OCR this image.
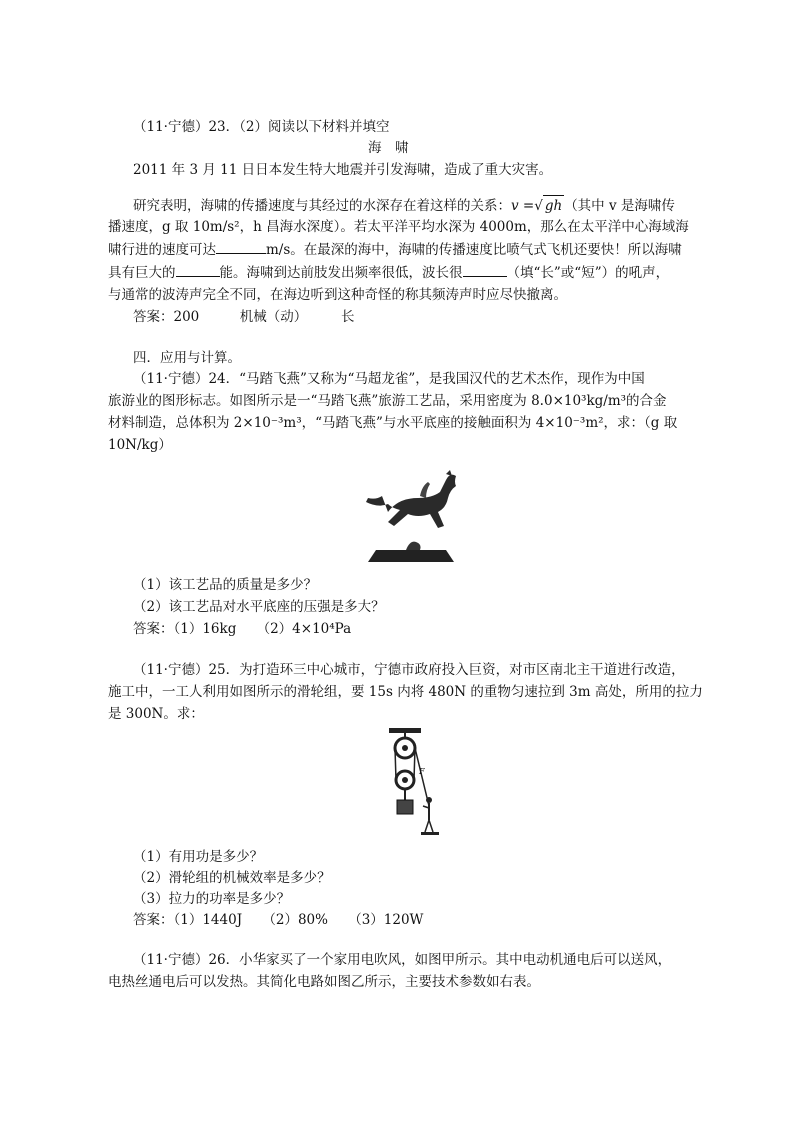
（11·宁德）23．（2）阅读以下材料并填空
海　啸
2011 年 3 月 11 日日本发生特大地震并引发海啸，造成了重大灾害。
研究表明，海啸的传播速度与其经过的水深存在着这样的关系：v =√ gh （其中 v 是海啸传
播速度，g 取 10m/s²，h 昌海水深度）。若太平洋平均水深为 4000m，那么在太平洋中心海域海
啸行进的速度可达	m/s。在最深的海中，海啸的传播速度比喷气式飞机还要快！所以海啸
具有巨大的	能。海啸到达前肢发出频率很低，波长很	（填“长”或“短”）的吼声，
与通常的波涛声完全不同，在海边听到这种奇怪的称其频涛声时应尽快撤离。
答案：200　　　机械（动）　　　长
四．应用与计算。
（11·宁德）24．“马踏飞燕”又称为“马超龙雀”，是我国汉代的艺术杰作，现作为中国
旅游业的图形标志。如图所示是一“马踏飞燕”旅游工艺品，采用密度为 8.0×10³kg/m³的合金
材料制造，总体积为 2×10⁻³m³，“马踏飞燕”与水平底座的接触面积为 4×10⁻³m²，求：（g 取
10N/kg）
（1）该工艺品的质量是多少？
（2）该工艺品对水平底座的压强是多大？
答案：（1）16kg　　（2）4×10⁴Pa
（11·宁德）25．为打造环三中心城市，宁德市政府投入巨资，对市区南北主干道进行改造，
施工中，一工人利用如图所示的滑轮组，要 15s 内将 480N 的重物匀速拉到 3m 高处，所用的拉力
是 300N。求：
F
（1）有用功是多少？
（2）滑轮组的机械效率是多少？
（3）拉力的功率是多少？
答案：（1）1440J　　（2）80%　　（3）120W
（11·宁德）26．小华家买了一个家用电吹风，如图甲所示。其中电动机通电后可以送风，
电热丝通电后可以发热。其简化电路如图乙所示，主要技术参数如右表。
